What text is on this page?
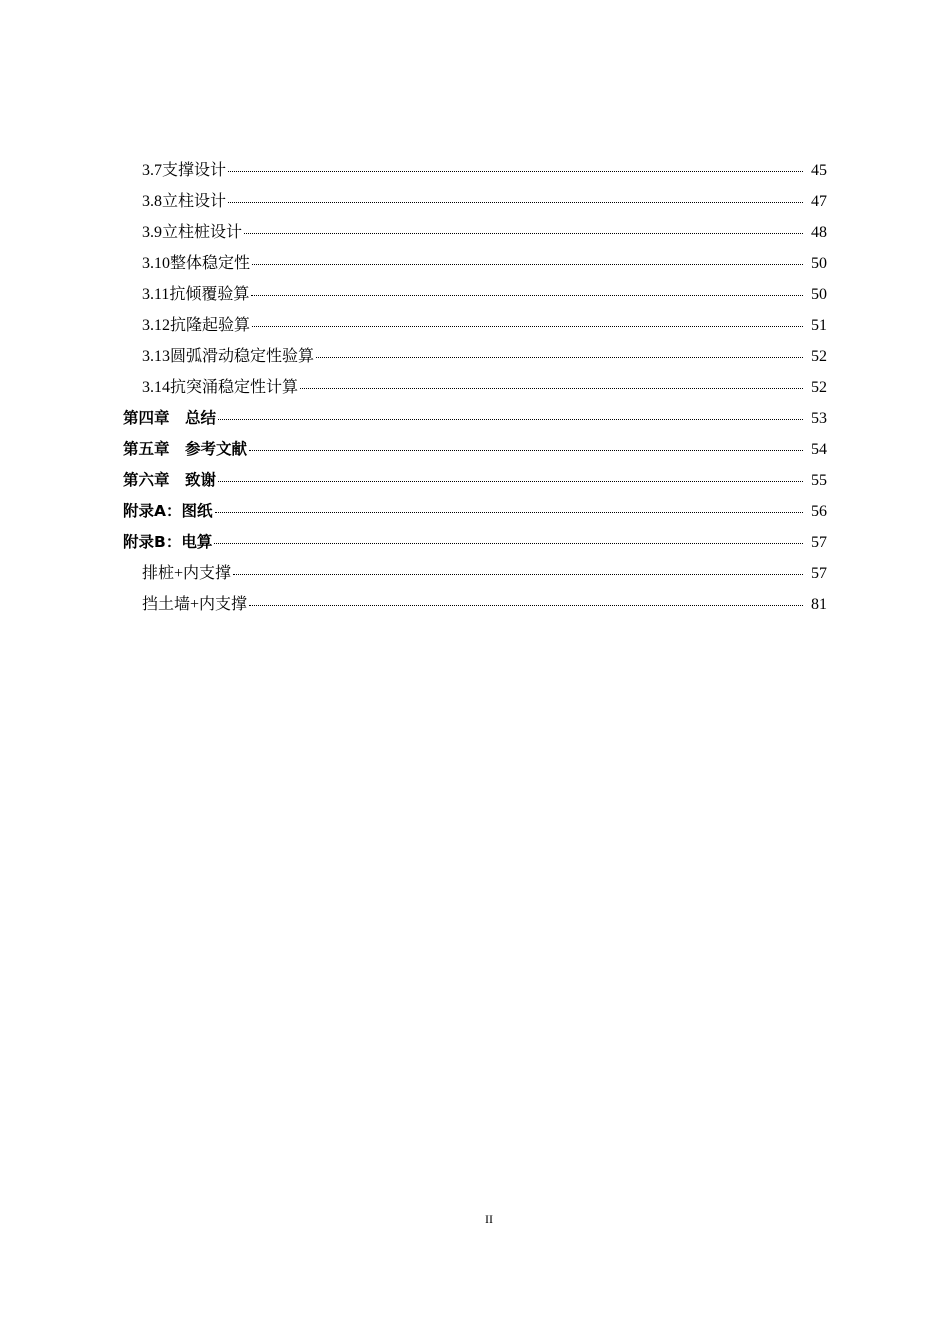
3.7支撑设计	45
3.8立柱设计	47
3.9立柱桩设计	48
3.10整体稳定性	50
3.11抗倾覆验算	50
3.12抗隆起验算	51
3.13圆弧滑动稳定性验算	52
3.14抗突涌稳定性计算	52
第四章　总结	53
第五章　参考文献	54
第六章　致谢	55
附录A：图纸	56
附录B：电算	57
排桩+内支撑	57
挡土墙+内支撑	81
II
